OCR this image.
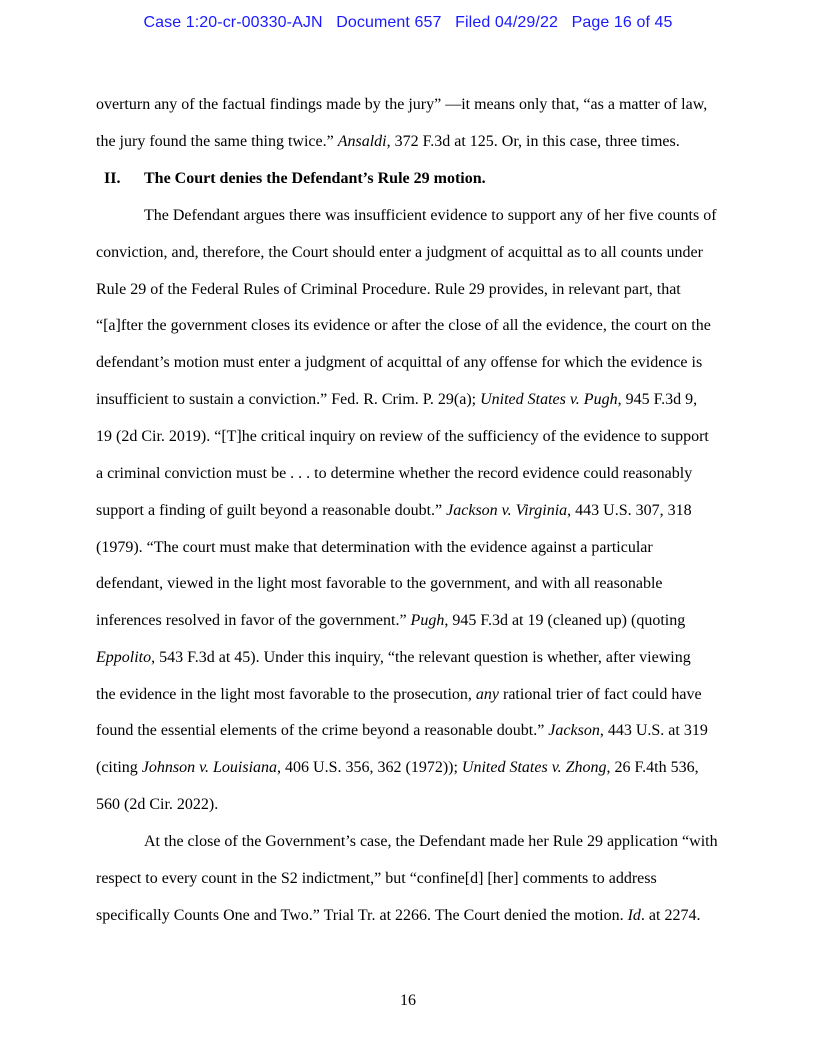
Case 1:20-cr-00330-AJN Document 657 Filed 04/29/22 Page 16 of 45
overturn any of the factual findings made by the jury” —it means only that, “as a matter of law,
the jury found the same thing twice.” Ansaldi, 372 F.3d at 125. Or, in this case, three times.
II. The Court denies the Defendant’s Rule 29 motion.
The Defendant argues there was insufficient evidence to support any of her five counts of
conviction, and, therefore, the Court should enter a judgment of acquittal as to all counts under
Rule 29 of the Federal Rules of Criminal Procedure. Rule 29 provides, in relevant part, that
“[a]fter the government closes its evidence or after the close of all the evidence, the court on the
defendant’s motion must enter a judgment of acquittal of any offense for which the evidence is
insufficient to sustain a conviction.” Fed. R. Crim. P. 29(a); United States v. Pugh, 945 F.3d 9,
19 (2d Cir. 2019). “[T]he critical inquiry on review of the sufficiency of the evidence to support
a criminal conviction must be . . . to determine whether the record evidence could reasonably
support a finding of guilt beyond a reasonable doubt.” Jackson v. Virginia, 443 U.S. 307, 318
(1979). “The court must make that determination with the evidence against a particular
defendant, viewed in the light most favorable to the government, and with all reasonable
inferences resolved in favor of the government.” Pugh, 945 F.3d at 19 (cleaned up) (quoting
Eppolito, 543 F.3d at 45). Under this inquiry, “the relevant question is whether, after viewing
the evidence in the light most favorable to the prosecution, any rational trier of fact could have
found the essential elements of the crime beyond a reasonable doubt.” Jackson, 443 U.S. at 319
(citing Johnson v. Louisiana, 406 U.S. 356, 362 (1972)); United States v. Zhong, 26 F.4th 536,
560 (2d Cir. 2022).
At the close of the Government’s case, the Defendant made her Rule 29 application “with
respect to every count in the S2 indictment,” but “confine[d] [her] comments to address
specifically Counts One and Two.” Trial Tr. at 2266. The Court denied the motion. Id. at 2274.
16
